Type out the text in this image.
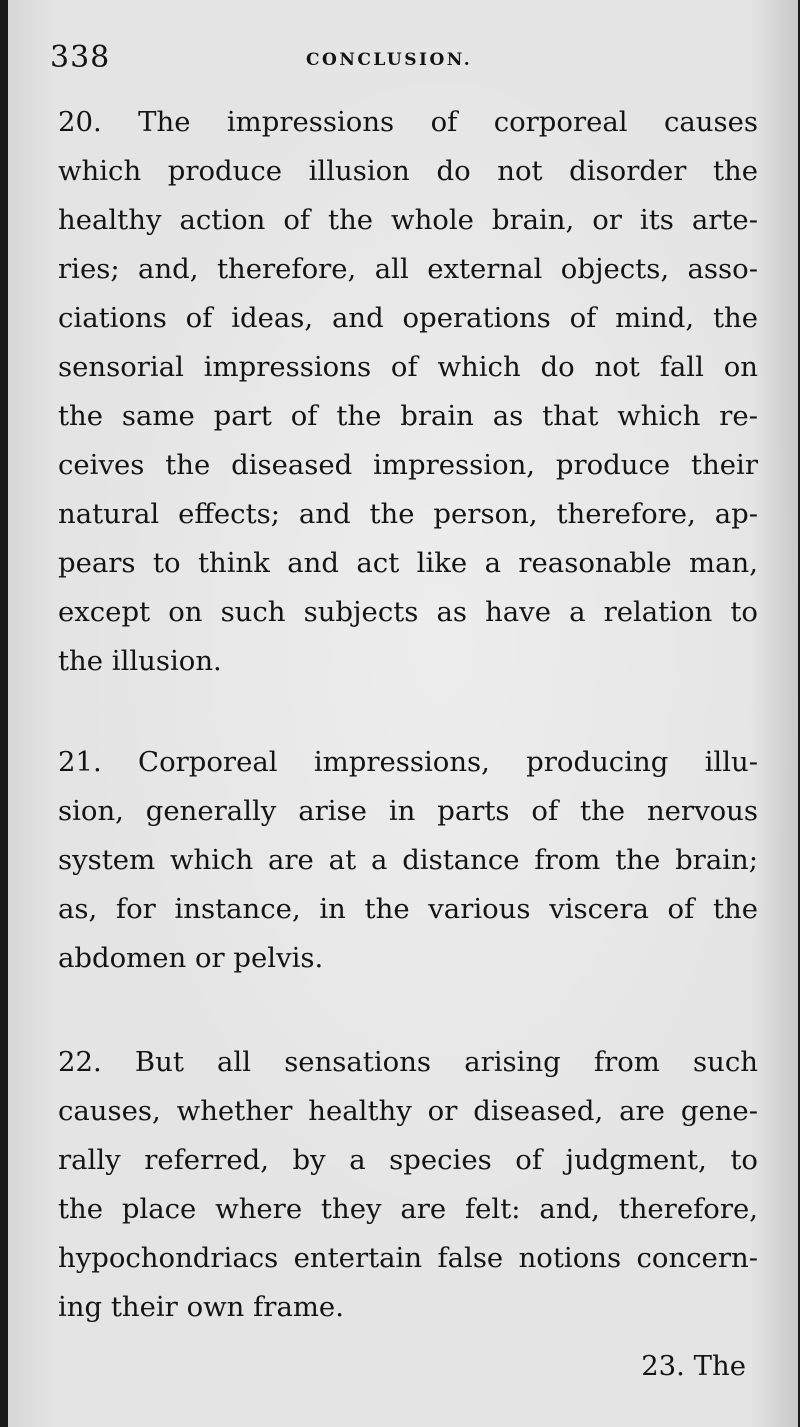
338	CONCLUSION.
20. The impressions of corporeal causes
which produce illusion do not disorder the
healthy action of the whole brain, or its arte-
ries; and, therefore, all external objects, asso-
ciations of ideas, and operations of mind, the
sensorial impressions of which do not fall on
the same part of the brain as that which re-
ceives the diseased impression, produce their
natural effects; and the person, therefore, ap-
pears to think and act like a reasonable man,
except on such subjects as have a relation to
the illusion.
21. Corporeal impressions, producing illu-
sion, generally arise in parts of the nervous
system which are at a distance from the brain;
as, for instance, in the various viscera of the
abdomen or pelvis.
22. But all sensations arising from such
causes, whether healthy or diseased, are gene-
rally referred, by a species of judgment, to
the place where they are felt: and, therefore,
hypochondriacs entertain false notions concern-
ing their own frame.
23. The
